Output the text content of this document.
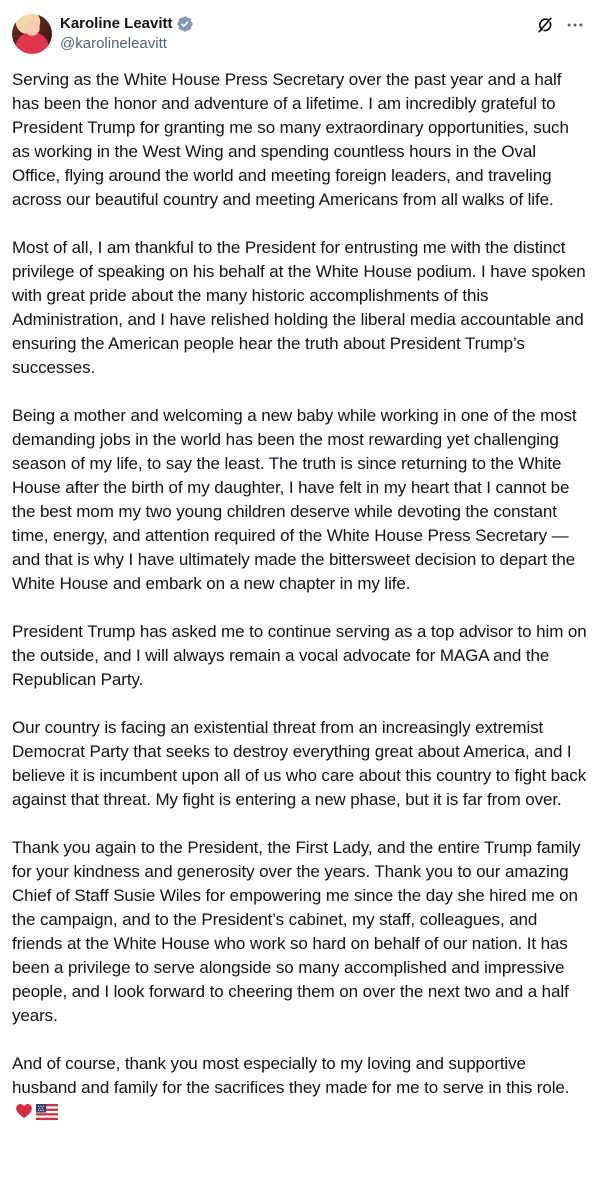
Karoline Leavitt
@karolineleavitt

Serving as the White House Press Secretary over the past year and a half has been the honor and adventure of a lifetime. I am incredibly grateful to President Trump for granting me so many extraordinary opportunities, such as working in the West Wing and spending countless hours in the Oval Office, flying around the world and meeting foreign leaders, and traveling across our beautiful country and meeting Americans from all walks of life.

Most of all, I am thankful to the President for entrusting me with the distinct privilege of speaking on his behalf at the White House podium. I have spoken with great pride about the many historic accomplishments of this Administration, and I have relished holding the liberal media accountable and ensuring the American people hear the truth about President Trump’s successes.

Being a mother and welcoming a new baby while working in one of the most demanding jobs in the world has been the most rewarding yet challenging season of my life, to say the least. The truth is since returning to the White House after the birth of my daughter, I have felt in my heart that I cannot be the best mom my two young children deserve while devoting the constant time, energy, and attention required of the White House Press Secretary — and that is why I have ultimately made the bittersweet decision to depart the White House and embark on a new chapter in my life.

President Trump has asked me to continue serving as a top advisor to him on the outside, and I will always remain a vocal advocate for MAGA and the Republican Party.

Our country is facing an existential threat from an increasingly extremist Democrat Party that seeks to destroy everything great about America, and I believe it is incumbent upon all of us who care about this country to fight back against that threat. My fight is entering a new phase, but it is far from over.

Thank you again to the President, the First Lady, and the entire Trump family for your kindness and generosity over the years. Thank you to our amazing Chief of Staff Susie Wiles for empowering me since the day she hired me on the campaign, and to the President’s cabinet, my staff, colleagues, and friends at the White House who work so hard on behalf of our nation. It has been a privilege to serve alongside so many accomplished and impressive people, and I look forward to cheering them on over the next two and a half years.

And of course, thank you most especially to my loving and supportive husband and family for the sacrifices they made for me to serve in this role.
